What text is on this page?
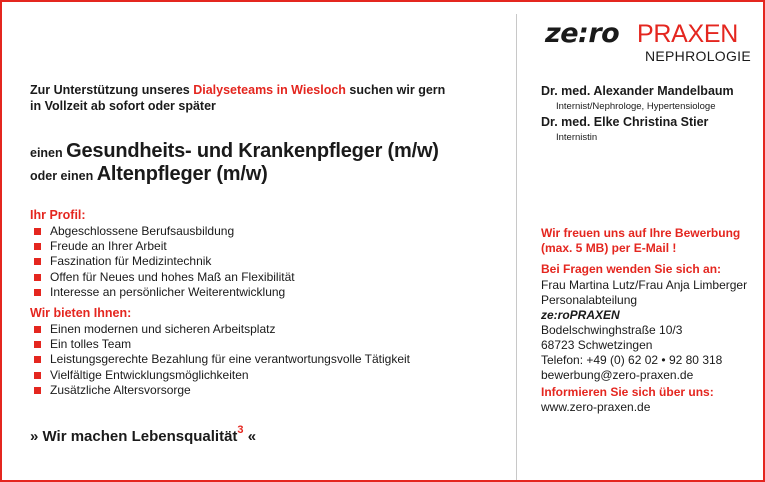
ze:ro PRAXEN
NEPHROLOGIE
Zur Unterstützung unseres Dialyseteams in Wiesloch suchen wir gern
in Vollzeit ab sofort oder später
einen Gesundheits- und Krankenpfleger (m/w)
oder einen Altenpfleger (m/w)
Ihr Profil:
Abgeschlossene Berufsausbildung
Freude an Ihrer Arbeit
Faszination für Medizintechnik
Offen für Neues und hohes Maß an Flexibilität
Interesse an persönlicher Weiterentwicklung
Wir bieten Ihnen:
Einen modernen und sicheren Arbeitsplatz
Ein tolles Team
Leistungsgerechte Bezahlung für eine verantwortungsvolle Tätigkeit
Vielfältige Entwicklungsmöglichkeiten
Zusätzliche Altersvorsorge
» Wir machen Lebensqualität$^3$ «
Dr. med. Alexander Mandelbaum
Internist/Nephrologe, Hypertensiologe
Dr. med. Elke Christina Stier
Internistin
Wir freuen uns auf Ihre Bewerbung
(max. 5 MB) per E-Mail !
Bei Fragen wenden Sie sich an:
Frau Martina Lutz/Frau Anja Limberger
Personalabteilung
ze:roPRAXEN
Bodelschwinghstraße 10/3
68723 Schwetzingen
Telefon: +49 (0) 62 02 • 92 80 318
bewerbung@zero-praxen.de
Informieren Sie sich über uns:
www.zero-praxen.de
